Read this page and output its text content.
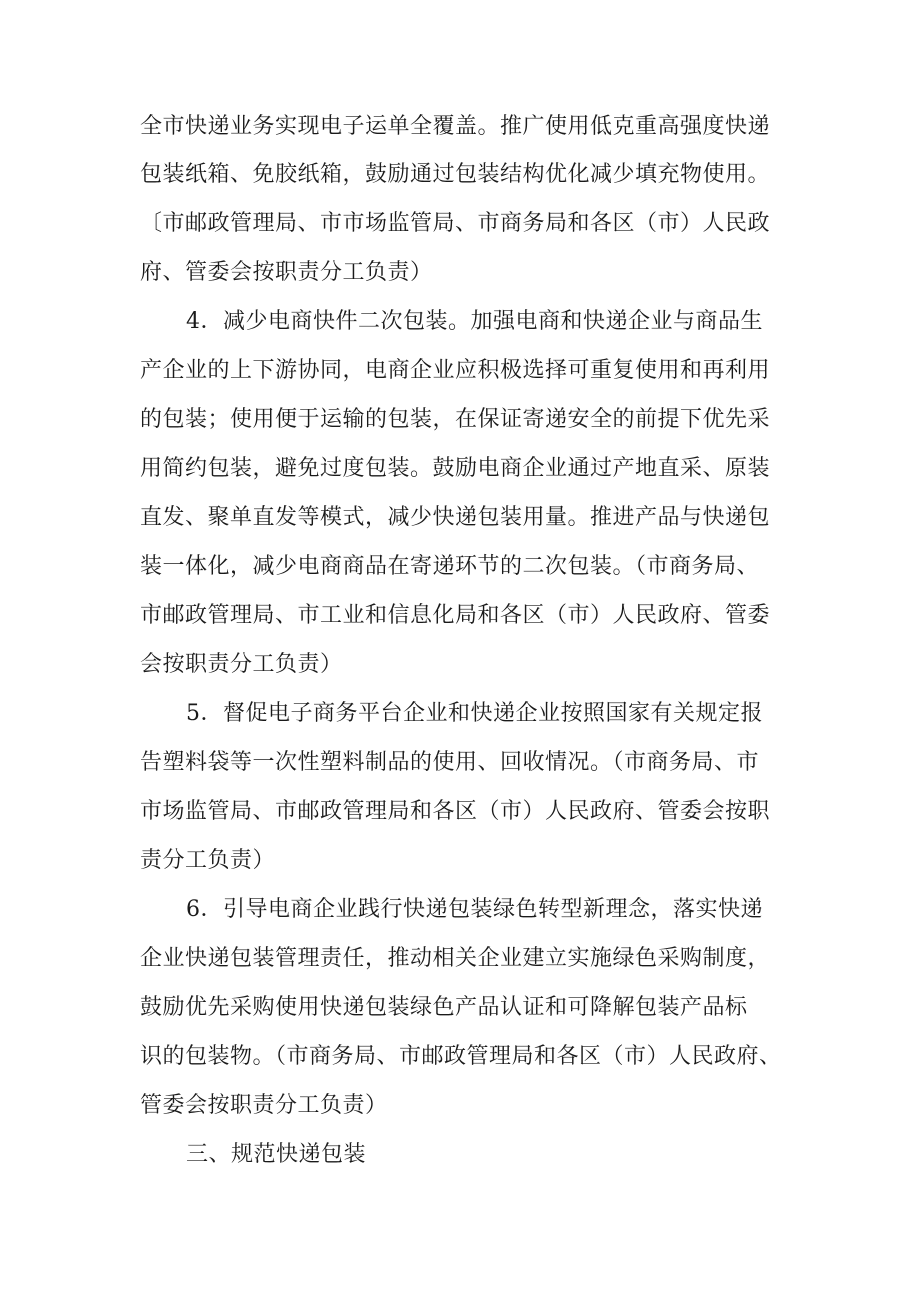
全市快递业务实现电子运单全覆盖。推广使用低克重高强度快递

包装纸箱、免胶纸箱，鼓励通过包装结构优化减少填充物使用。

〔市邮政管理局、市市场监管局、市商务局和各区（市）人民政

府、管委会按职责分工负责）

4．减少电商快件二次包装。加强电商和快递企业与商品生

产企业的上下游协同，电商企业应积极选择可重复使用和再利用

的包装；使用便于运输的包装，在保证寄递安全的前提下优先采

用简约包装，避免过度包装。鼓励电商企业通过产地直采、原装

直发、聚单直发等模式，减少快递包装用量。推进产品与快递包

装一体化，减少电商商品在寄递环节的二次包装。（市商务局、

市邮政管理局、市工业和信息化局和各区（市）人民政府、管委

会按职责分工负责）

5．督促电子商务平台企业和快递企业按照国家有关规定报

告塑料袋等一次性塑料制品的使用、回收情况。（市商务局、市

市场监管局、市邮政管理局和各区（市）人民政府、管委会按职

责分工负责）

6．引导电商企业践行快递包装绿色转型新理念，落实快递

企业快递包装管理责任，推动相关企业建立实施绿色采购制度，

鼓励优先采购使用快递包装绿色产品认证和可降解包装产品标

识的包装物。（市商务局、市邮政管理局和各区（市）人民政府、

管委会按职责分工负责）

三、规范快递包装
